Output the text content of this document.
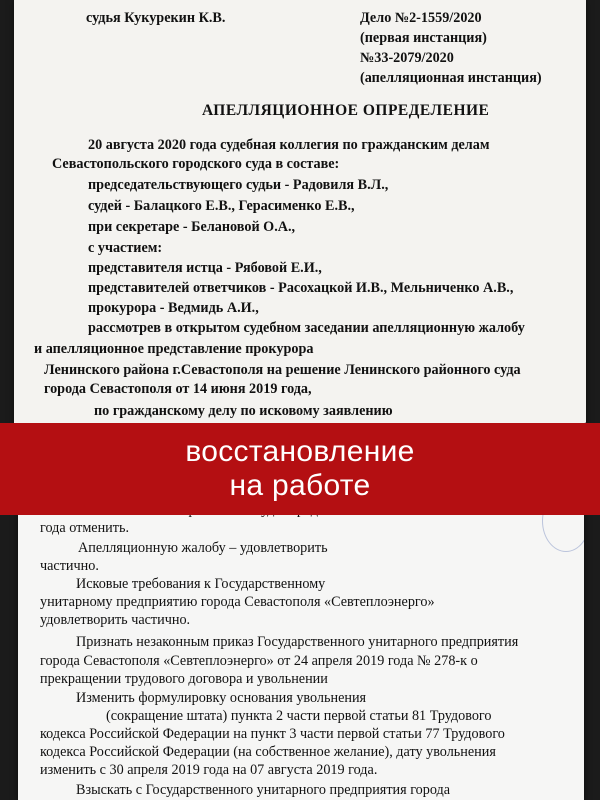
судья Кукурекин К.В.	Дело №2-1559/2020
(первая инстанция)
№33-2079/2020
(апелляционная инстанция)
АПЕЛЛЯЦИОННОЕ ОПРЕДЕЛЕНИЕ
20 августа 2020 года судебная коллегия по гражданским делам
Севастопольского городского суда в составе:
председательствующего судьи - Радовиля В.Л.,
судей - Балацкого Е.В., Герасименко Е.В.,
при секретаре - Белановой О.А.,
с участием:
представителя истца - Рябовой Е.И.,
представителей ответчиков - Расохацкой И.В., Мельниченко А.В.,
прокурора - Ведмидь А.И.,
рассмотрев в открытом судебном заседании апелляционную жалобу
и апелляционное представление прокурора
Ленинского района г.Севастополя на решение Ленинского районного суда
города Севастополя от 14 июня 2019 года,
по гражданскому делу по исковому заявлению
года отменить.
Апелляционную жалобу – удовлетворить
частично.
Исковые требования к Государственному
унитарному предприятию города Севастополя «Севтеплоэнерго»
удовлетворить частично.
Признать незаконным приказ Государственного унитарного предприятия
города Севастополя «Севтеплоэнерго» от 24 апреля 2019 года № 278-к о
прекращении трудового договора и увольнении
Изменить формулировку основания увольнения
(сокращение штата) пункта 2 части первой статьи 81 Трудового
кодекса Российской Федерации на пункт 3 части первой статьи 77 Трудового
кодекса Российской Федерации (на собственное желание), дату увольнения
изменить с 30 апреля 2019 года на 07 августа 2019 года.
Взыскать с Государственного унитарного предприятия города
восстановление
на работе
